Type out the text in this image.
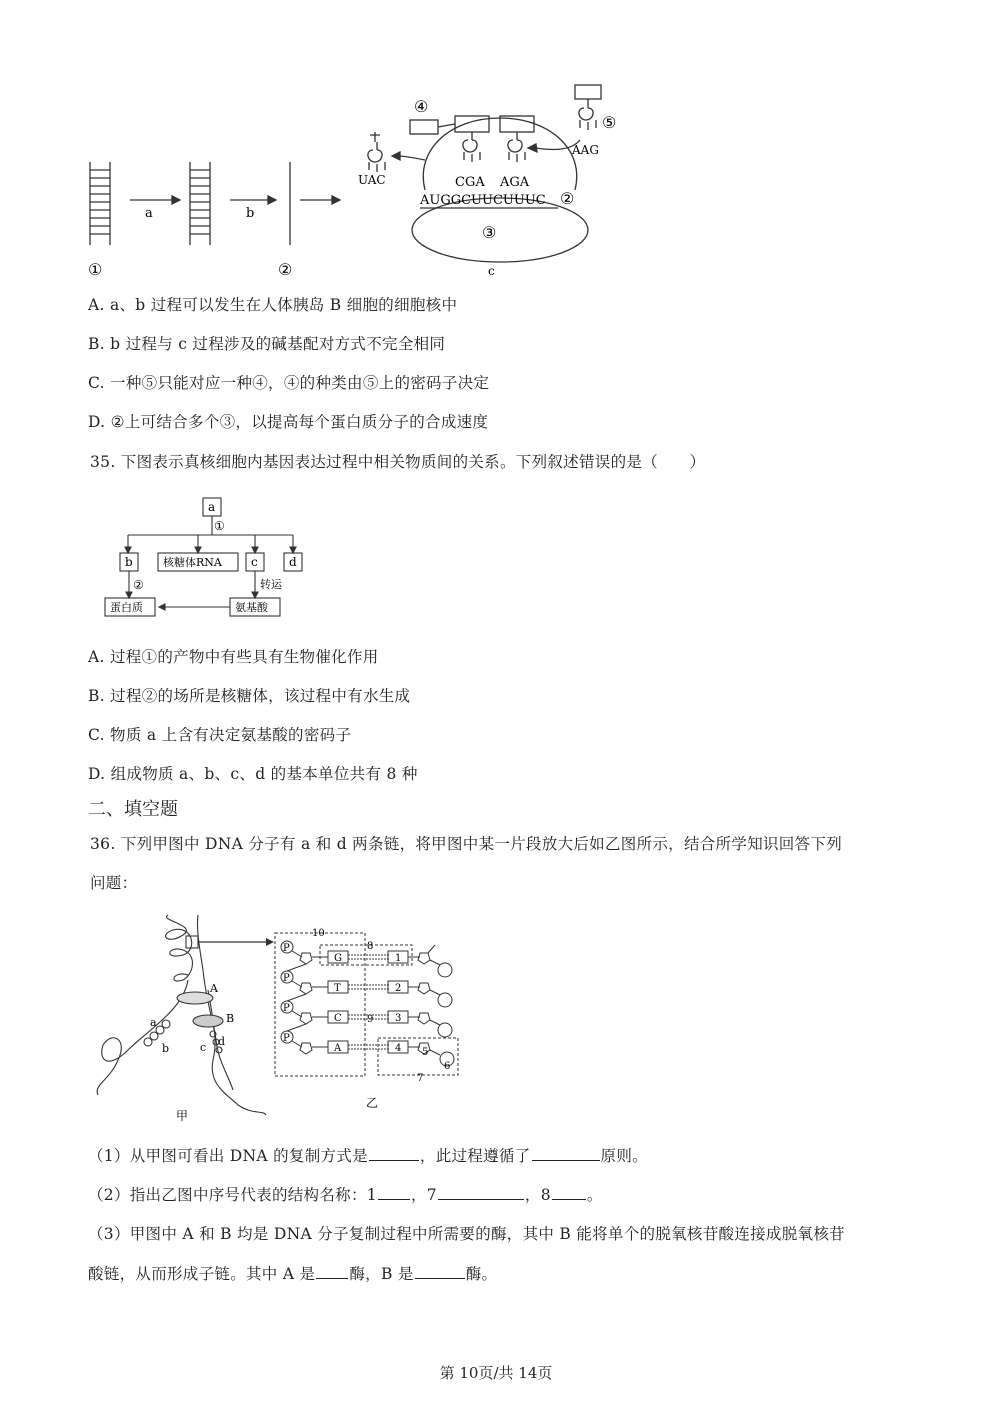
a	b
①	②	c
③
④
⑤
UAC
AAG
CGA AGA
AUGGCUUCUUUC ②
A. a、b 过程可以发生在人体胰岛 B 细胞的细胞核中
B. b 过程与 c 过程涉及的碱基配对方式不完全相同
C. 一种⑤只能对应一种④，④的种类由⑤上的密码子决定
D. ②上可结合多个③，以提高每个蛋白质分子的合成速度
35. 下图表示真核细胞内基因表达过程中相关物质间的关系。下列叙述错误的是（　　）
a
①
b	核糖体RNA c	d
②	转运
蛋白质	氨基酸
A. 过程①的产物中有些具有生物催化作用
B. 过程②的场所是核糖体，该过程中有水生成
C. 物质 a 上含有决定氨基酸的密码子
D. 组成物质 a、b、c、d 的基本单位共有 8 种
二、填空题
36. 下列甲图中 DNA 分子有 a 和 d 两条链，将甲图中某一片段放大后如乙图所示，结合所学知识回答下列
问题：
A
B
a
b	c d
甲
P
P
P
P
G
T
C
A
1
2
3
4
10
8
9
5
6
7
乙
（1）从甲图可看出 DNA 的复制方式是	，此过程遵循了	原则。
（2）指出乙图中序号代表的结构名称：1 ，7	，8 。
（3）甲图中 A 和 B 均是 DNA 分子复制过程中所需要的酶，其中 B 能将单个的脱氧核苷酸连接成脱氧核苷
酸链，从而形成子链。其中 A 是 酶，B 是	酶。
第 10页/共 14页
